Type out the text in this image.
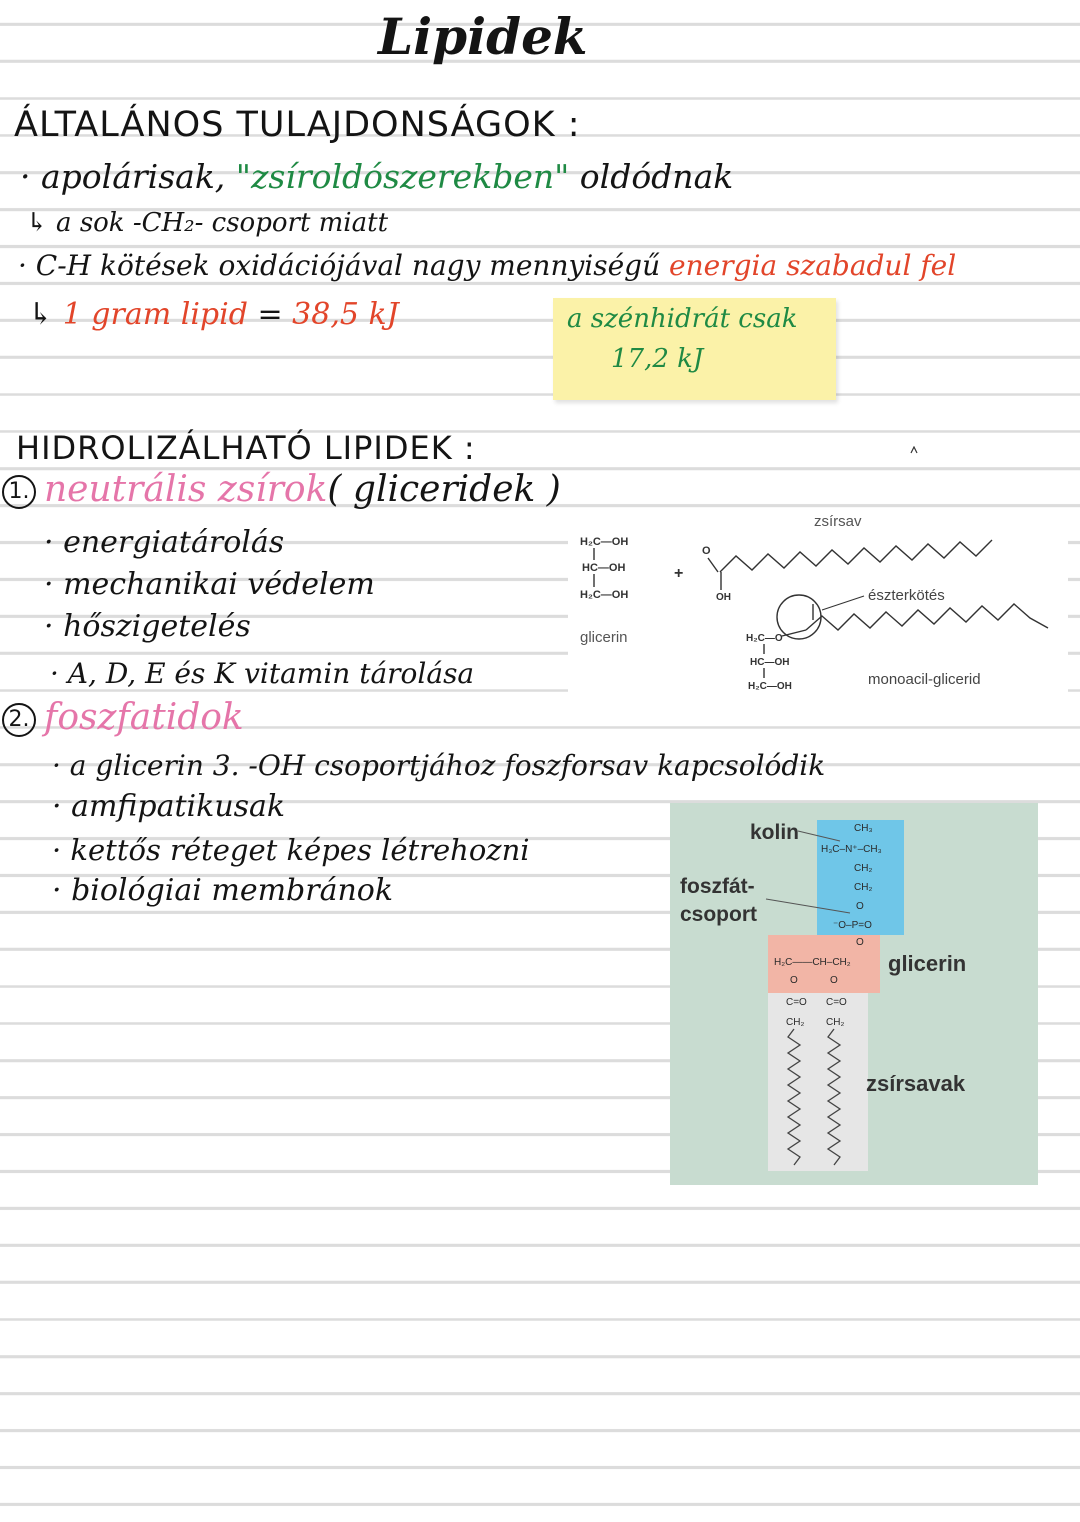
Lipidek
ÁLTALÁNOS TULAJDONSÁGOK :
· apolárisak, "zsíroldószerekben" oldódnak
↳ a sok -CH₂- csoport miatt
· C-H kötések oxidációjával nagy mennyiségű energia szabadul fel
↳ 1 gram lipid = 38,5 kJ	a szénhidrát csak
17,2 kJ
HIDROLIZÁLHATÓ LIPIDEK :
1. neutrális zsírok( gliceridek )
· energiatárolás
· mechanikai védelem
· hőszigetelés
· A, D, E és K vitamin tárolása
2. foszfatidok
· a glicerin 3. -OH csoportjához foszforsav kapcsolódik
· amfipatikusak
· kettős réteget képes létrehozni
· biológiai membránok
zsírsav
H₂C—OH
HC—OH
H₂C—OH
glicerin
+
O
OH	észterkötés
H₂C—O
HC—OH
H₂C—OH	monoacil-glicerid
CH₃
H₃C–N⁺–CH₃
CH₂
CH₂
O
⁻O–P=O
O
H₂C——CH–CH₂
O	O
C=O C=O
CH₂ CH₂
kolin
foszfát-
csoport
glicerin
zsírsavak
